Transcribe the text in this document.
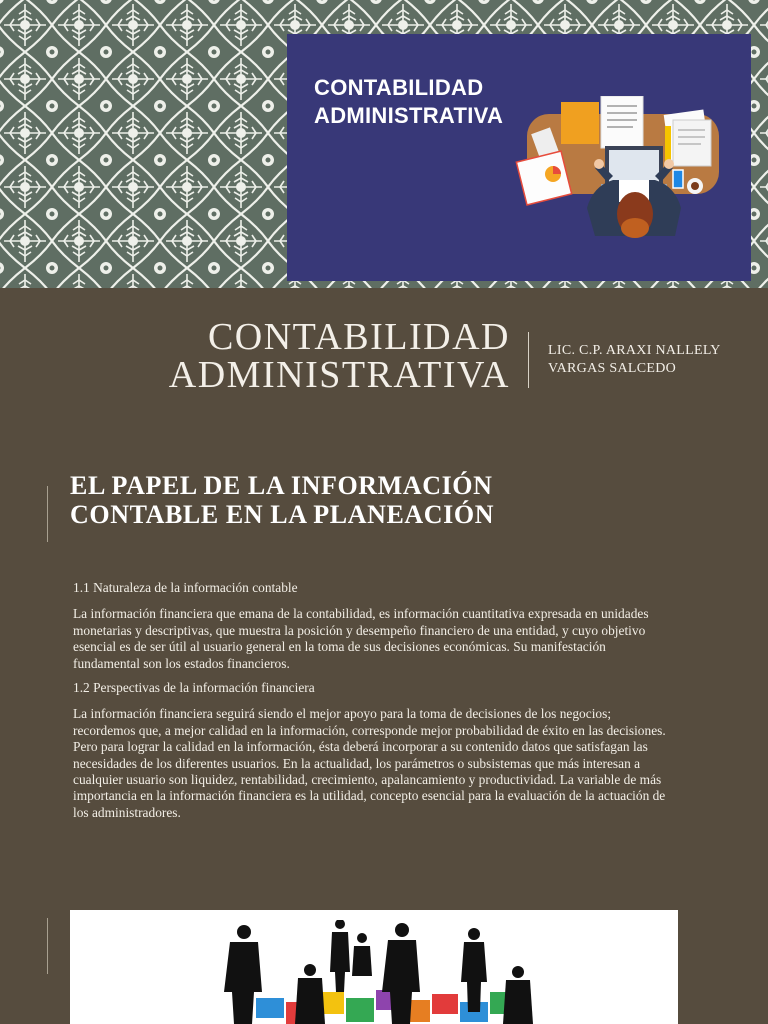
CONTABILIDAD
ADMINISTRATIVA
CONTABILIDAD
ADMINISTRATIVA
LIC. C.P. ARAXI NALLELY
VARGAS SALCEDO
EL PAPEL DE LA INFORMACIÓN
CONTABLE EN LA PLANEACIÓN

1.1 Naturaleza de la información contable

La información financiera que emana de la contabilidad, es información cuantitativa expresada en unidades monetarias y descriptivas, que muestra la posición y desempeño financiero de una entidad, y cuyo objetivo esencial es de ser útil al usuario general en la toma de sus decisiones económicas. Su manifestación fundamental son los estados financieros.

1.2 Perspectivas de la información financiera

La información financiera seguirá siendo el mejor apoyo para la toma de decisiones de los negocios; recordemos que, a mejor calidad en la información, corresponde mejor probabilidad de éxito en las decisiones. Pero para lograr la calidad en la información, ésta deberá incorporar a su contenido datos que satisfagan las necesidades de los diferentes usuarios. En la actualidad, los parámetros o subsistemas que más interesan a cualquier usuario son liquidez, rentabilidad, crecimiento, apalancamiento y productividad. La variable de más importancia en la información financiera es la utilidad, concepto esencial para la evaluación de la actuación de los administradores.
